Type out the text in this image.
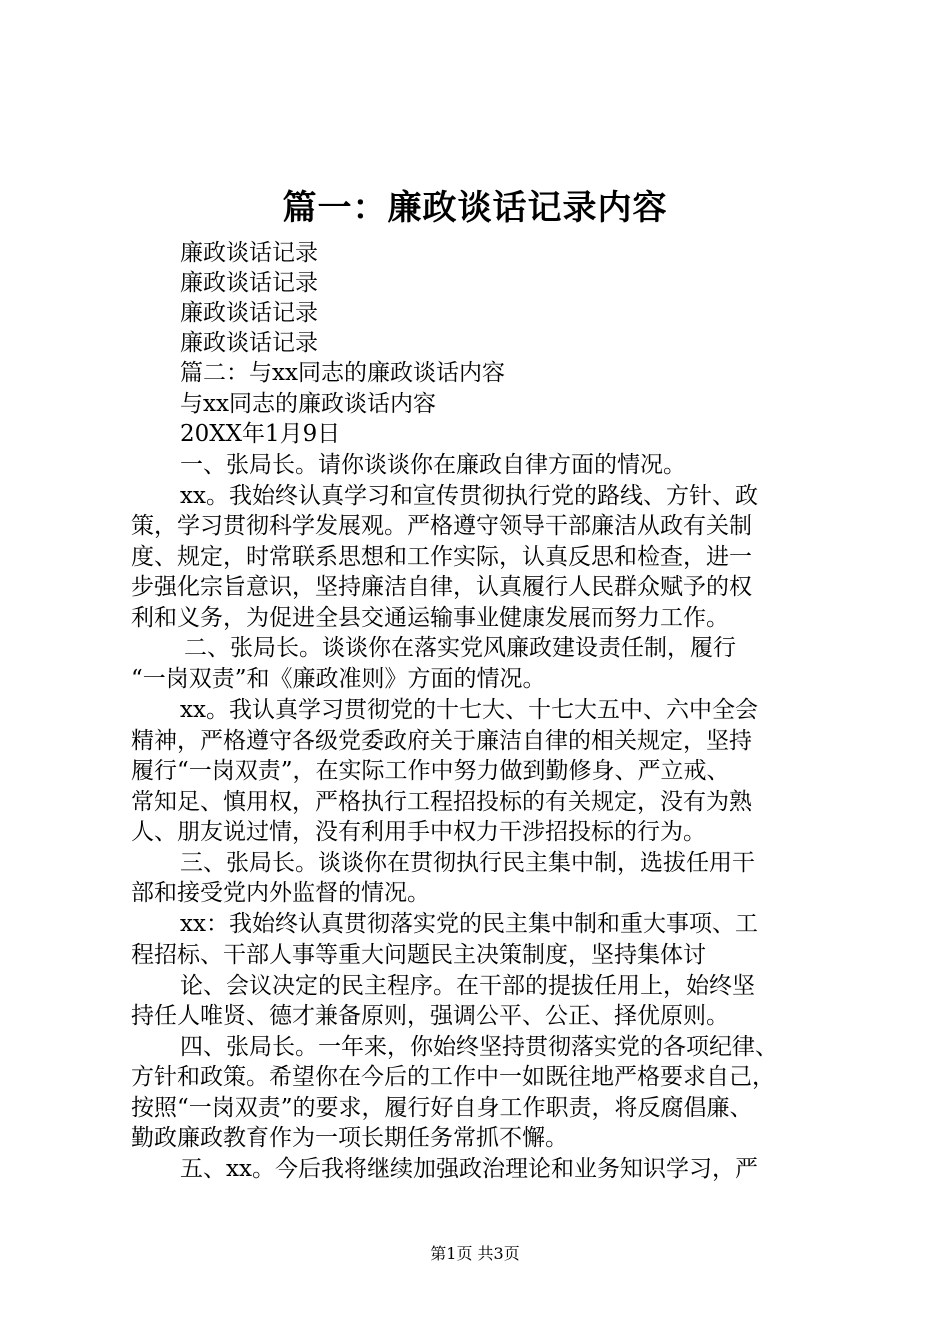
篇一：廉政谈话记录内容
廉政谈话记录
廉政谈话记录
廉政谈话记录
廉政谈话记录
篇二：与xx同志的廉政谈话内容
与xx同志的廉政谈话内容
20XX年1月9日
一、张局长。请你谈谈你在廉政自律方面的情况。
xx。我始终认真学习和宣传贯彻执行党的路线、方针、政
策，学习贯彻科学发展观。严格遵守领导干部廉洁从政有关制
度、规定，时常联系思想和工作实际，认真反思和检查，进一
步强化宗旨意识，坚持廉洁自律，认真履行人民群众赋予的权
利和义务，为促进全县交通运输事业健康发展而努力工作。
二、张局长。谈谈你在落实党风廉政建设责任制，履行
“一岗双责”和《廉政准则》方面的情况。
xx。我认真学习贯彻党的十七大、十七大五中、六中全会
精神，严格遵守各级党委政府关于廉洁自律的相关规定，坚持
履行“一岗双责”，在实际工作中努力做到勤修身、严立戒、
常知足、慎用权，严格执行工程招投标的有关规定，没有为熟
人、朋友说过情，没有利用手中权力干涉招投标的行为。
三、张局长。谈谈你在贯彻执行民主集中制，选拔任用干
部和接受党内外监督的情况。
xx：我始终认真贯彻落实党的民主集中制和重大事项、工
程招标、干部人事等重大问题民主决策制度，坚持集体讨
论、会议决定的民主程序。在干部的提拔任用上，始终坚
持任人唯贤、德才兼备原则，强调公平、公正、择优原则。
四、张局长。一年来，你始终坚持贯彻落实党的各项纪律、
方针和政策。希望你在今后的工作中一如既往地严格要求自己，
按照“一岗双责”的要求，履行好自身工作职责，将反腐倡廉、
勤政廉政教育作为一项长期任务常抓不懈。
五、xx。今后我将继续加强政治理论和业务知识学习，严
第1页 共3页
